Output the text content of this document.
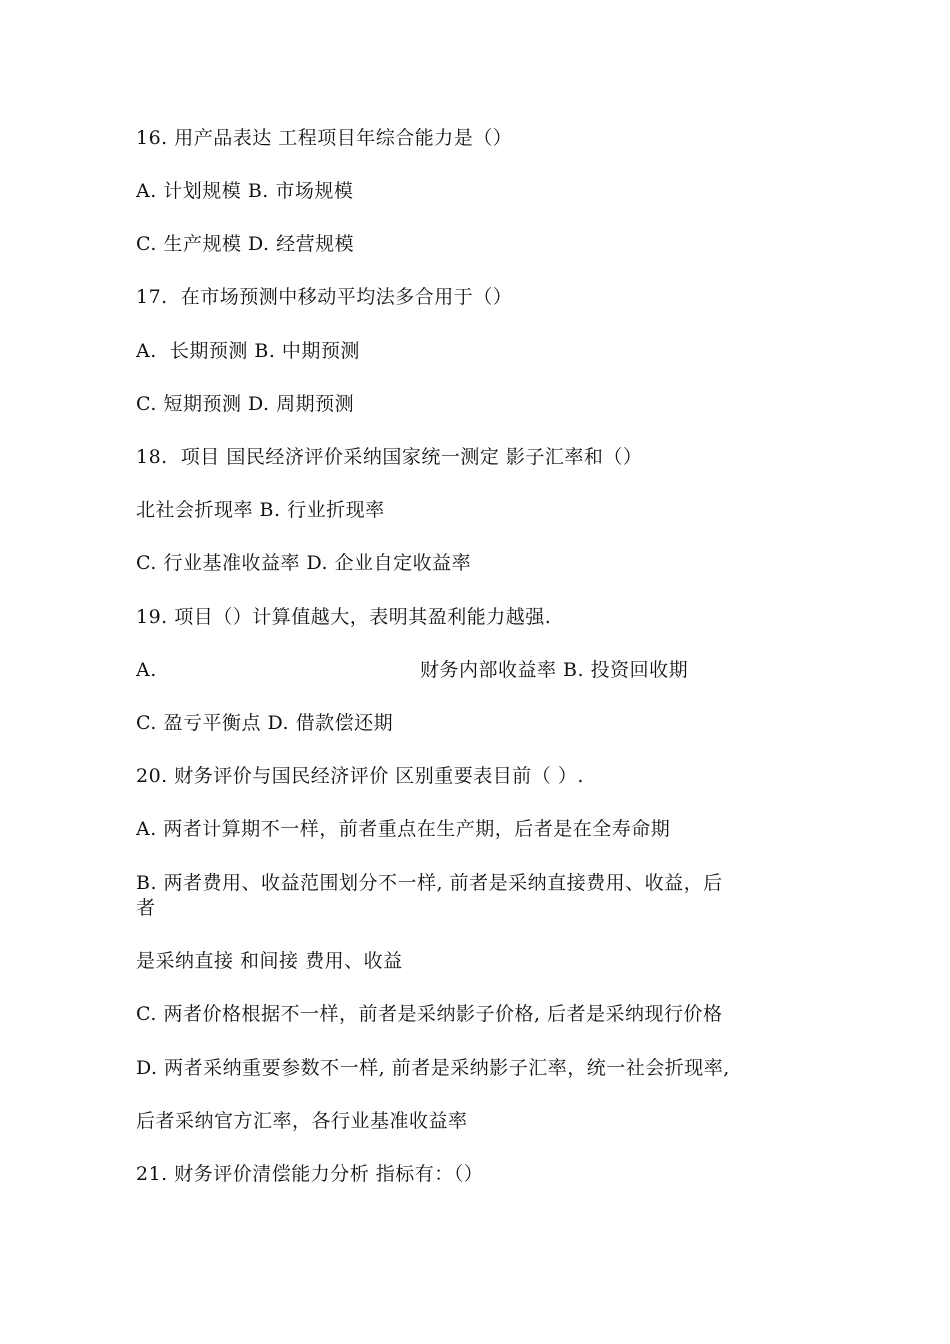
16. 用产品表达 工程项目年综合能力是（）
A. 计划规模 B. 市场规模
C. 生产规模 D. 经营规模
17.  在市场预测中移动平均法多合用于（）
A.  长期预测 B. 中期预测
C. 短期预测 D. 周期预测
18.  项目 国民经济评价采纳国家统一测定 影子汇率和（）
北社会折现率 B. 行业折现率
C. 行业基准收益率 D. 企业自定收益率
19. 项目（）计算值越大，表明其盈利能力越强.
A.	财务内部收益率 B. 投资回收期
C. 盈亏平衡点 D. 借款偿还期
20. 财务评价与国民经济评价 区别重要表目前（ ）.
A. 两者计算期不一样，前者重点在生产期，后者是在全寿命期
B. 两者费用、收益范围划分不一样, 前者是采纳直接费用、收益，后
者
是采纳直接 和间接 费用、收益
C. 两者价格根据不一样，前者是采纳影子价格, 后者是采纳现行价格
D. 两者采纳重要参数不一样, 前者是采纳影子汇率，统一社会折现率,
后者采纳官方汇率，各行业基准收益率
21. 财务评价清偿能力分析 指标有：（）
